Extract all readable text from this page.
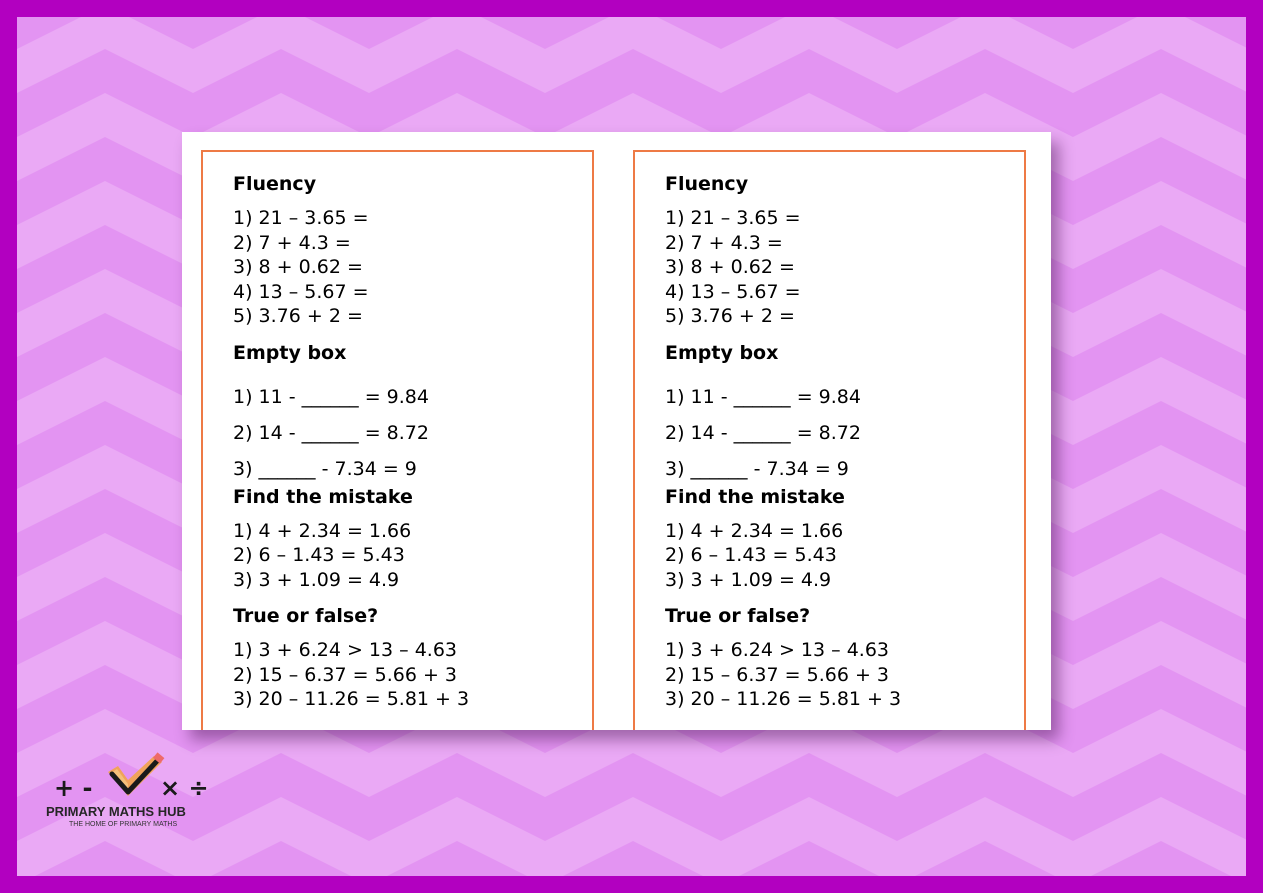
Fluency

1) 21 – 3.65 =
2) 7 + 4.3 =
3) 8 + 0.62 =
4) 13 – 5.67 =
5) 3.76 + 2 =

Empty box

1) 11 - ______ = 9.84
2) 14 - ______ = 8.72
3) ______ - 7.34 = 9

Find the mistake

1) 4 + 2.34 = 1.66
2) 6 – 1.43 = 5.43
3) 3 + 1.09 = 4.9

True or false?

1) 3 + 6.24 > 13 – 4.63
2) 15 – 6.37 = 5.66 + 3
3) 20 – 11.26 = 5.81 + 3

Fluency

1) 21 – 3.65 =
2) 7 + 4.3 =
3) 8 + 0.62 =
4) 13 – 5.67 =
5) 3.76 + 2 =

Empty box

1) 11 - ______ = 9.84
2) 14 - ______ = 8.72
3) ______ - 7.34 = 9

Find the mistake

1) 4 + 2.34 = 1.66
2) 6 – 1.43 = 5.43
3) 3 + 1.09 = 4.9

True or false?

1) 3 + 6.24 > 13 – 4.63
2) 15 – 6.37 = 5.66 + 3
3) 20 – 11.26 = 5.81 + 3
+ -	× ÷
PRIMARY MATHS HUB
THE HOME OF PRIMARY MATHS
